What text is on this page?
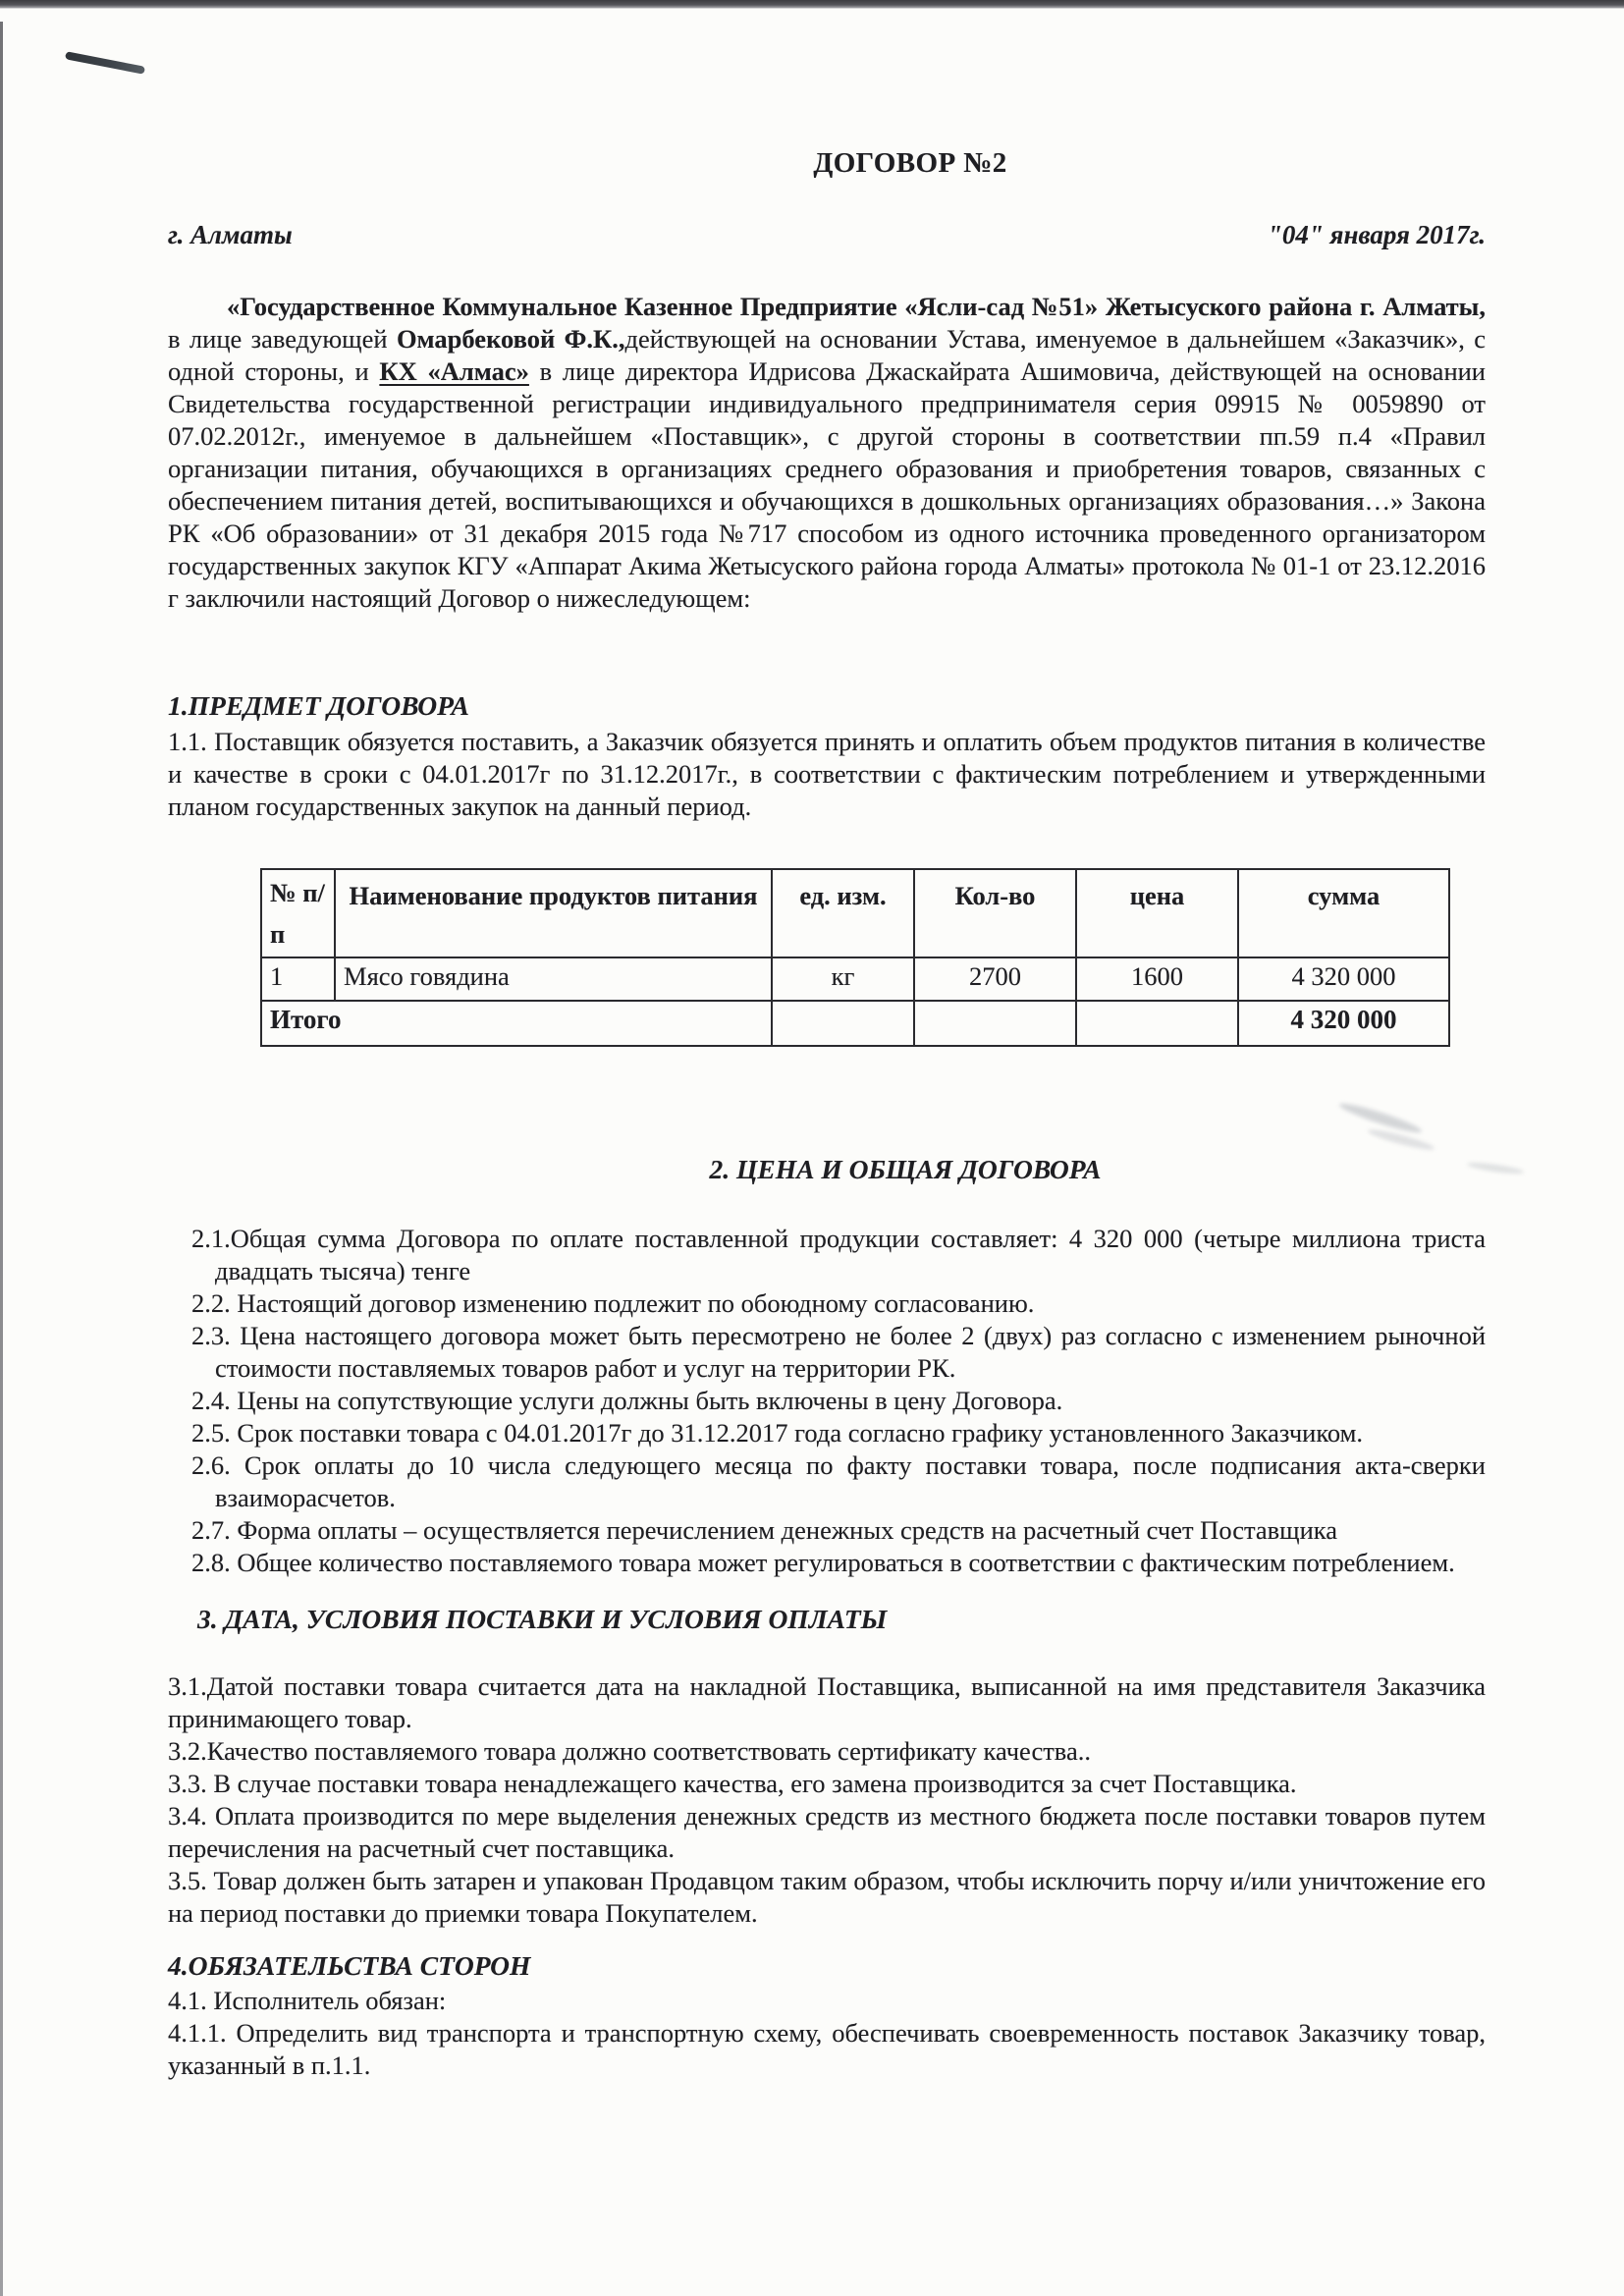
ДОГОВОР №2
г. Алматы	"04" января 2017г.

«Государственное Коммунальное Казенное Предприятие «Ясли-сад №51» Жетысуского района г. Алматы, в лице заведующей Омарбековой Ф.К.,действующей на основании Устава, именуемое в дальнейшем «Заказчик», с одной стороны, и КХ «Алмас» в лице директора Идрисова Джаскайрата Ашимовича, действующей на основании Свидетельства государственной регистрации индивидуального предпринимателя серия 09915 № 0059890 от 07.02.2012г., именуемое в дальнейшем «Поставщик», с другой стороны в соответствии пп.59 п.4 «Правил организации питания, обучающихся в организациях среднего образования и приобретения товаров, связанных с обеспечением питания детей, воспитывающихся и обучающихся в дошкольных организациях образования…» Закона РК «Об образовании» от 31 декабря 2015 года №717 способом из одного источника проведенного организатором государственных закупок КГУ «Аппарат Акима Жетысуского района города Алматы» протокола № 01-1 от 23.12.2016 г заключили настоящий Договор о нижеследующем:

1.ПРЕДМЕТ ДОГОВОРА

1.1. Поставщик обязуется поставить, а Заказчик обязуется принять и оплатить объем продуктов питания в количестве и качестве в сроки с 04.01.2017г по 31.12.2017г., в соответствии с фактическим потреблением и утвержденными планом государственных закупок на данный период.

№ п/п	Наименование продуктов питания	ед. изм.	Кол-во	цена	сумма
1	Мясо говядина	кг	2700	1600	4 320 000
Итого					4 320 000
2. ЦЕНА И ОБЩАЯ ДОГОВОРА
2.1.Общая сумма Договора по оплате поставленной продукции составляет: 4 320 000 (четыре миллиона триста двадцать тысяча) тенге
2.2. Настоящий договор изменению подлежит по обоюдному согласованию.
2.3. Цена настоящего договора может быть пересмотрено не более 2 (двух) раз согласно с изменением рыночной стоимости поставляемых товаров работ и услуг на территории РК.
2.4. Цены на сопутствующие услуги должны быть включены в цену Договора.
2.5. Срок поставки товара с 04.01.2017г до 31.12.2017 года согласно графику установленного Заказчиком.
2.6. Срок оплаты до 10 числа следующего месяца по факту поставки товара, после подписания акта-сверки взаиморасчетов.
2.7. Форма оплаты – осуществляется перечислением денежных средств на расчетный счет Поставщика
2.8. Общее количество поставляемого товара может регулироваться в соответствии с фактическим потреблением.
3. ДАТА, УСЛОВИЯ ПОСТАВКИ И УСЛОВИЯ ОПЛАТЫ

3.1.Датой поставки товара считается дата на накладной Поставщика, выписанной на имя представителя Заказчика принимающего товар.

3.2.Качество поставляемого товара должно соответствовать сертификату качества..

3.3. В случае поставки товара ненадлежащего качества, его замена производится за счет Поставщика.

3.4. Оплата производится по мере выделения денежных средств из местного бюджета после поставки товаров путем перечисления на расчетный счет поставщика.

3.5. Товар должен быть затарен и упакован Продавцом таким образом, чтобы исключить порчу и/или уничтожение его на период поставки до приемки товара Покупателем.

4.ОБЯЗАТЕЛЬСТВА СТОРОН

4.1. Исполнитель обязан:

4.1.1. Определить вид транспорта и транспортную схему, обеспечивать своевременность поставок Заказчику товар, указанный в п.1.1.
